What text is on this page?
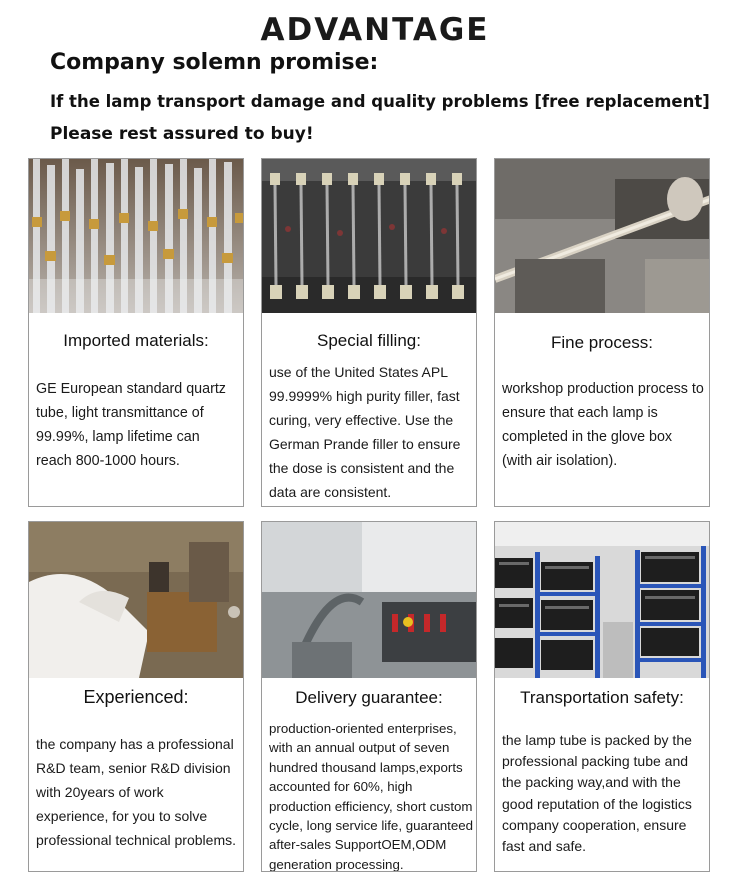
ADVANTAGE
Company solemn promise:
If the lamp transport damage and quality problems [free replacement]
Please rest assured to buy!
Imported materials:
GE European standard quartz tube, light transmittance of 99.99%, lamp lifetime can reach 800-1000 hours.
Special filling:
use of the United States APL 99.9999% high purity filler, fast curing, very effective. Use the German Prande filler to ensure the dose is consistent and the data are consistent.
Fine process:
workshop production process to ensure that each lamp is completed in the glove box (with air isolation).
Experienced:
the company has a professional R&D team, senior R&D division with 20years of work experience, for you to solve professional technical problems.
Delivery guarantee:
production-oriented enterprises, with an annual output of seven hundred thousand lamps,exports accounted for 60%, high production efficiency, short custom cycle, long service life, guaranteed after-sales SupportOEM,ODM generation processing.
Transportation safety:
the lamp tube is packed by the professional packing tube and the packing way,and with the good reputation of the logistics company cooperation, ensure fast and safe.
